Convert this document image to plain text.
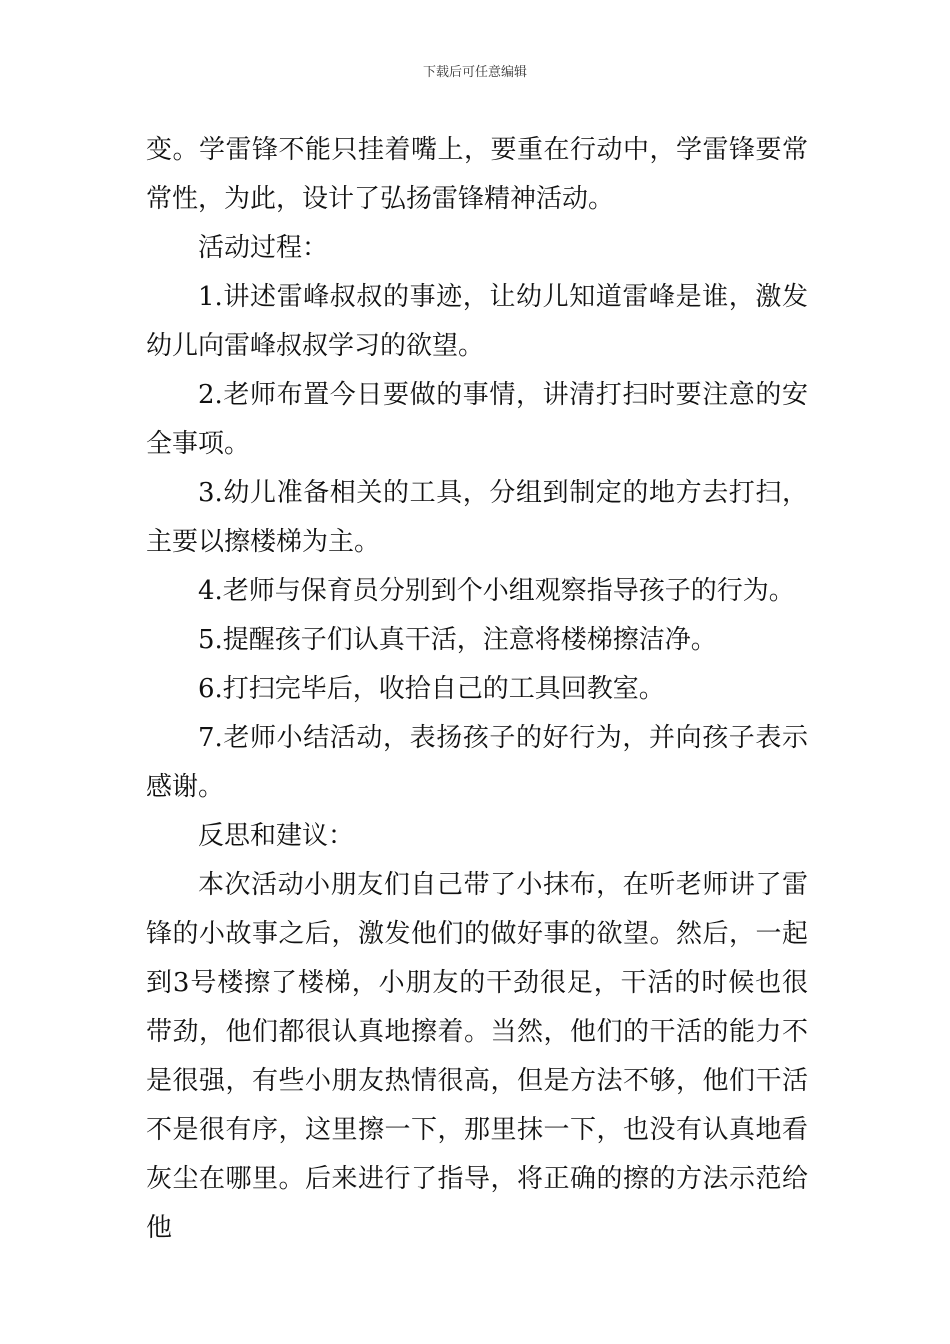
下载后可任意编辑

变。学雷锋不能只挂着嘴上，要重在行动中，学雷锋要常常性，为此，设计了弘扬雷锋精神活动。

活动过程：

1.讲述雷峰叔叔的事迹，让幼儿知道雷峰是谁，激发幼儿向雷峰叔叔学习的欲望。

2.老师布置今日要做的事情，讲清打扫时要注意的安全事项。

3.幼儿准备相关的工具，分组到制定的地方去打扫，主要以擦楼梯为主。

4.老师与保育员分别到个小组观察指导孩子的行为。

5.提醒孩子们认真干活，注意将楼梯擦洁净。

6.打扫完毕后，收拾自己的工具回教室。

7.老师小结活动，表扬孩子的好行为，并向孩子表示感谢。

反思和建议：

本次活动小朋友们自己带了小抹布，在听老师讲了雷锋的小故事之后，激发他们的做好事的欲望。然后，一起到3号楼擦了楼梯，小朋友的干劲很足，干活的时候也很带劲，他们都很认真地擦着。当然，他们的干活的能力不是很强，有些小朋友热情很高，但是方法不够，他们干活不是很有序，这里擦一下，那里抹一下，也没有认真地看灰尘在哪里。后来进行了指导，将正确的擦的方法示范给他
